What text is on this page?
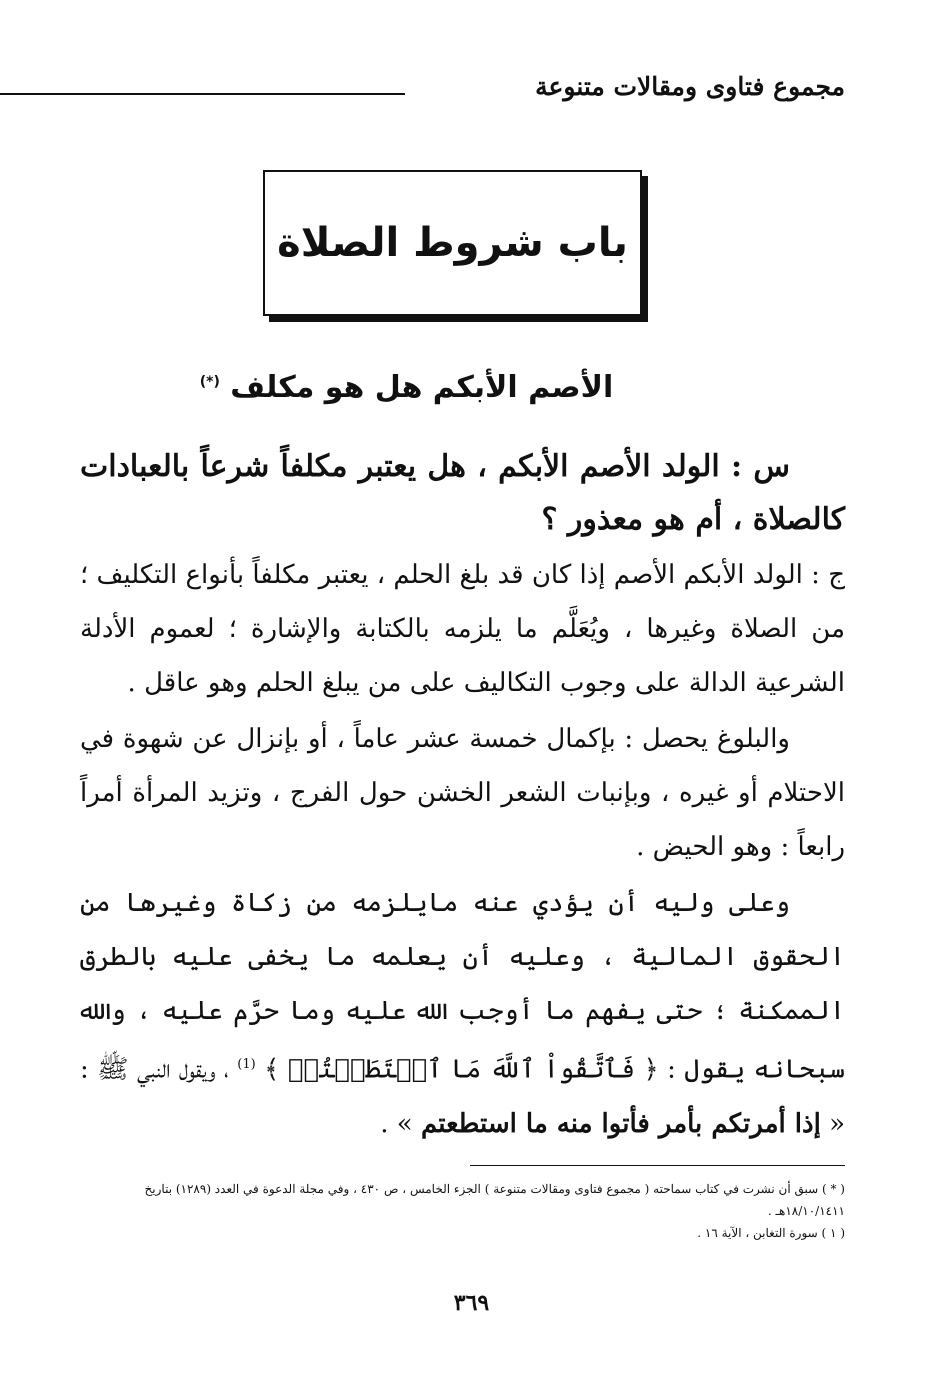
مجموع فتاوى ومقالات متنوعة
باب شروط الصلاة
الأصم الأبكم هل هو مكلف (*)

س : الولد الأصم الأبكم ، هل يعتبر مكلفاً شرعاً بالعبادات كالصلاة ، أم هو معذور ؟

ج : الولد الأبكم الأصم إذا كان قد بلغ الحلم ، يعتبر مكلفاً بأنواع التكليف ؛ من الصلاة وغيرها ، ويُعَلَّم ما يلزمه بالكتابة والإشارة ؛ لعموم الأدلة الشرعية الدالة على وجوب التكاليف على من يبلغ الحلم وهو عاقل .

والبلوغ يحصل : بإكمال خمسة عشر عاماً ، أو بإنزال عن شهوة في الاحتلام أو غيره ، وبإنبات الشعر الخشن حول الفرج ، وتزيد المرأة أمراً رابعاً : وهو الحيض .

وعلى وليه أن يؤدي عنه مايلزمه من زكاة وغيرها من الحقوق المالية ، وعليه أن يعلمه ما يخفى عليه بالطرق الممكنة ؛ حتى يفهم ما أوجب الله عليه وما حرَّم عليه ، والله سبحانه يقول : ﴿ فَٱتَّقُواْ ٱللَّهَ مَا ٱسۡتَطَعۡتُمۡ ﴾ $^{(1)}$ ، ويقول النبي ﷺ : « إذا أمرتكم بأمر فأتوا منه ما استطعتم » .

( * ) سبق أن نشرت في كتاب سماحته ( مجموع فتاوى ومقالات متنوعة ) الجزء الخامس ، ص ٤٣٠ ، وفي مجلة الدعوة في العدد (١٢٨٩) بتاريخ ١٨/١٠/١٤١١هـ .

( ١ ) سورة التغابن ، الآية ١٦ .

٣٦٩
